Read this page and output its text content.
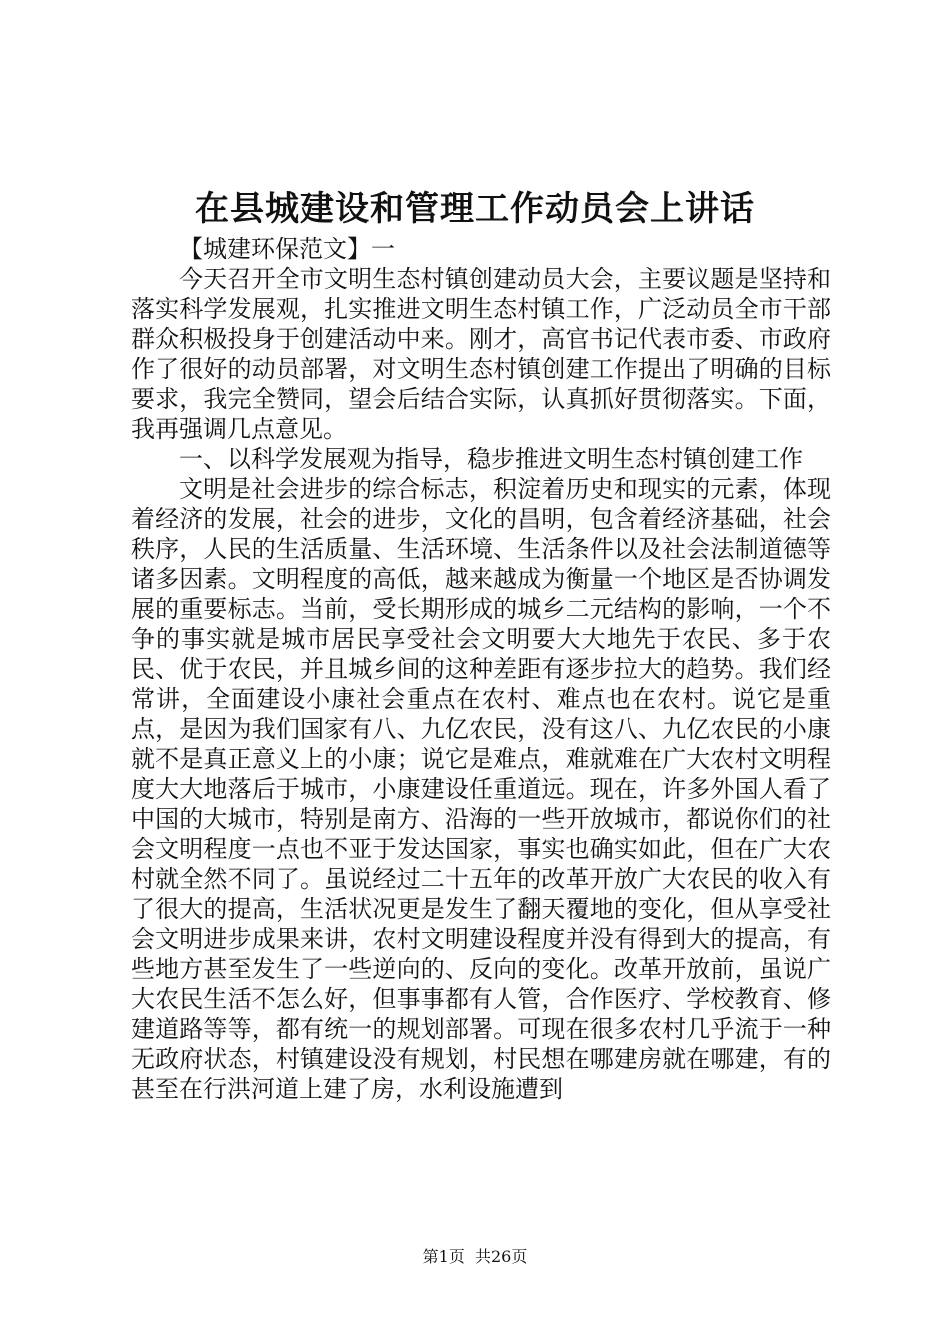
在县城建设和管理工作动员会上讲话

【城建环保范文】一

今天召开全市文明生态村镇创建动员大会，主要议题是坚持和落实科学发展观，扎实推进文明生态村镇工作，广泛动员全市干部群众积极投身于创建活动中来。刚才，高官书记代表市委、市政府作了很好的动员部署，对文明生态村镇创建工作提出了明确的目标要求，我完全赞同，望会后结合实际，认真抓好贯彻落实。下面，我再强调几点意见。

一、以科学发展观为指导，稳步推进文明生态村镇创建工作

文明是社会进步的综合标志，积淀着历史和现实的元素，体现着经济的发展，社会的进步，文化的昌明，包含着经济基础，社会秩序，人民的生活质量、生活环境、生活条件以及社会法制道德等诸多因素。文明程度的高低，越来越成为衡量一个地区是否协调发展的重要标志。当前，受长期形成的城乡二元结构的影响，一个不争的事实就是城市居民享受社会文明要大大地先于农民、多于农民、优于农民，并且城乡间的这种差距有逐步拉大的趋势。我们经常讲，全面建设小康社会重点在农村、难点也在农村。说它是重点，是因为我们国家有八、九亿农民，没有这八、九亿农民的小康就不是真正意义上的小康；说它是难点，难就难在广大农村文明程度大大地落后于城市，小康建设任重道远。现在，许多外国人看了中国的大城市，特别是南方、沿海的一些开放城市，都说你们的社会文明程度一点也不亚于发达国家，事实也确实如此，但在广大农村就全然不同了。虽说经过二十五年的改革开放广大农民的收入有了很大的提高，生活状况更是发生了翻天覆地的变化，但从享受社会文明进步成果来讲，农村文明建设程度并没有得到大的提高，有些地方甚至发生了一些逆向的、反向的变化。改革开放前，虽说广大农民生活不怎么好，但事事都有人管，合作医疗、学校教育、修建道路等等，都有统一的规划部署。可现在很多农村几乎流于一种无政府状态，村镇建设没有规划，村民想在哪建房就在哪建，有的甚至在行洪河道上建了房，水利设施遭到

第1页  共26页
